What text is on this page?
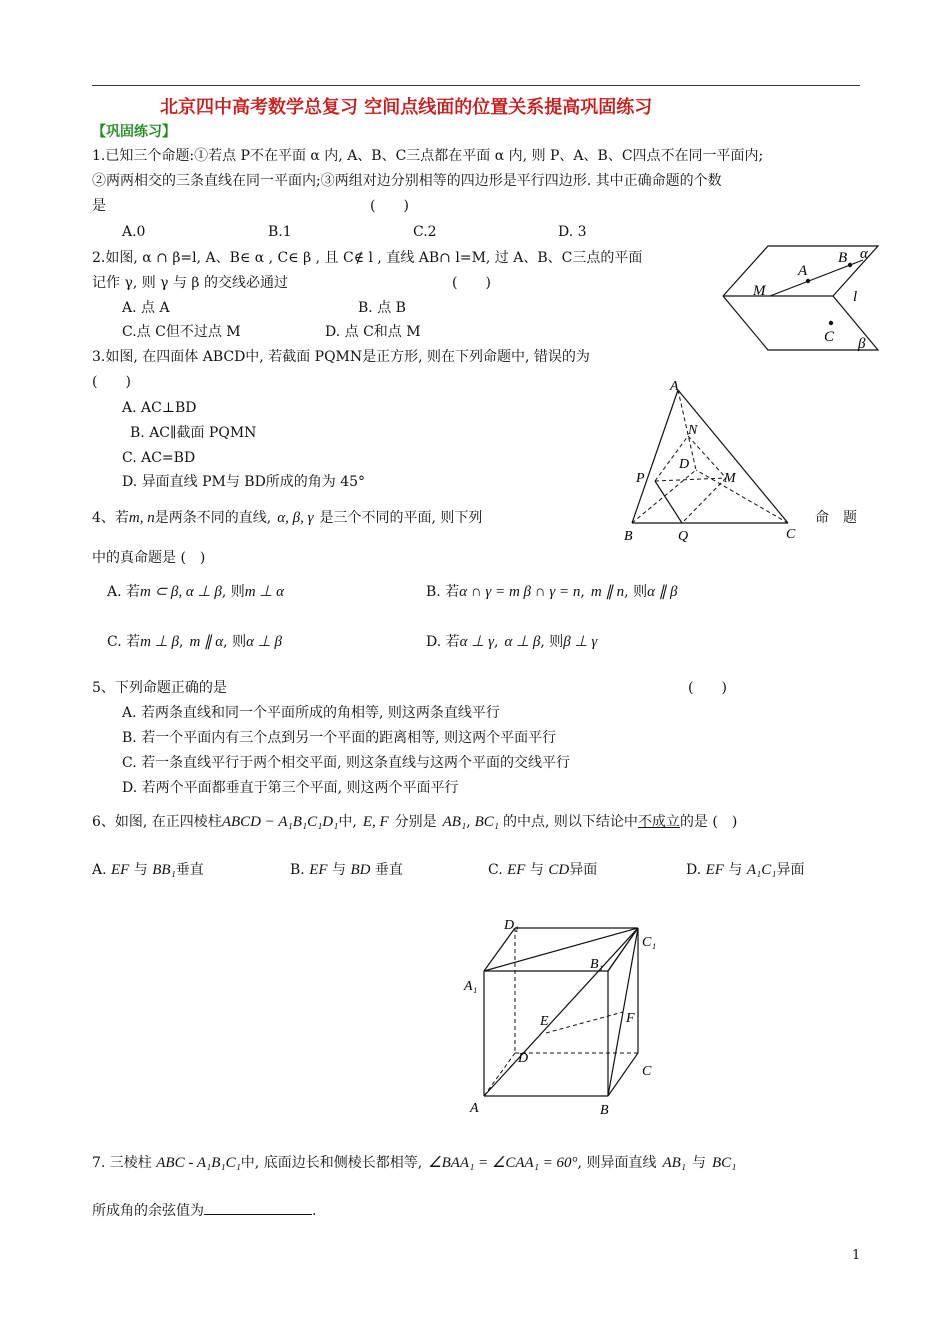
北京四中高考数学总复习 空间点线面的位置关系提高巩固练习
【巩固练习】
1.已知三个命题:①若点 P不在平面 α 内, A、B、C三点都在平面 α 内, 则 P、A、B、C四点不在同一平面内;
②两两相交的三条直线在同一平面内;③两组对边分别相等的四边形是平行四边形. 其中正确命题的个数
是	(　　)
A.0	B.1	C.2	D. 3
2.如图, α ∩ β=l, A、B∈ α , C∈ β , 且 C∉ l , 直线 AB∩ l=M, 过 A、B、C三点的平面
记作 γ, 则 γ 与 β 的交线必通过	(　　)
A. 点 A	B. 点 B
C.点 C但不过点 M	D. 点 C和点 M
B α
A
M	l
C β
3.如图, 在四面体 ABCD中, 若截面 PQMN是正方形, 则在下列命题中, 错误的为
(　　)
A. AC⊥BD
B. AC∥截面 PQMN
C. AC=BD
D. 异面直线 PM与 BD所成的角为 45°
A
N
D
P	M
B	Q	C
4、若m, n是两条不同的直线, α, β, γ 是三个不同的平面, 则下列	命　题
中的真命题是 (　)
A. 若m ⊂ β, α ⊥ β, 则m ⊥ α	B. 若α ∩ γ = m β ∩ γ = n, m ∥ n, 则α ∥ β
C. 若m ⊥ β, m ∥ α, 则α ⊥ β	D. 若α ⊥ γ, α ⊥ β, 则β ⊥ γ
5、下列命题正确的是	(　　)
A. 若两条直线和同一个平面所成的角相等, 则这两条直线平行
B. 若一个平面内有三个点到另一个平面的距离相等, 则这两个平面平行
C. 若一条直线平行于两个相交平面, 则这条直线与这两个平面的交线平行
D. 若两个平面都垂直于第三个平面, 则这两个平面平行
6、如图, 在正四棱柱ABCD − A₁B₁C₁D₁中, E, F 分别是 AB₁, BC₁ 的中点, 则以下结论中不成立的是 (　)
A. EF 与 BB₁垂直	B. EF 与 BD 垂直	C. EF 与 CD异面	D. EF 与 A₁C₁异面
D₁
C₁
B₁
A₁
E	F
D
C
A	B
7. 三棱柱 ABC - A₁B₁C₁中, 底面边长和侧棱长都相等, ∠BAA₁ = ∠CAA₁ = 60°, 则异面直线 AB₁ 与 BC₁
所成角的余弦值为	.
1
